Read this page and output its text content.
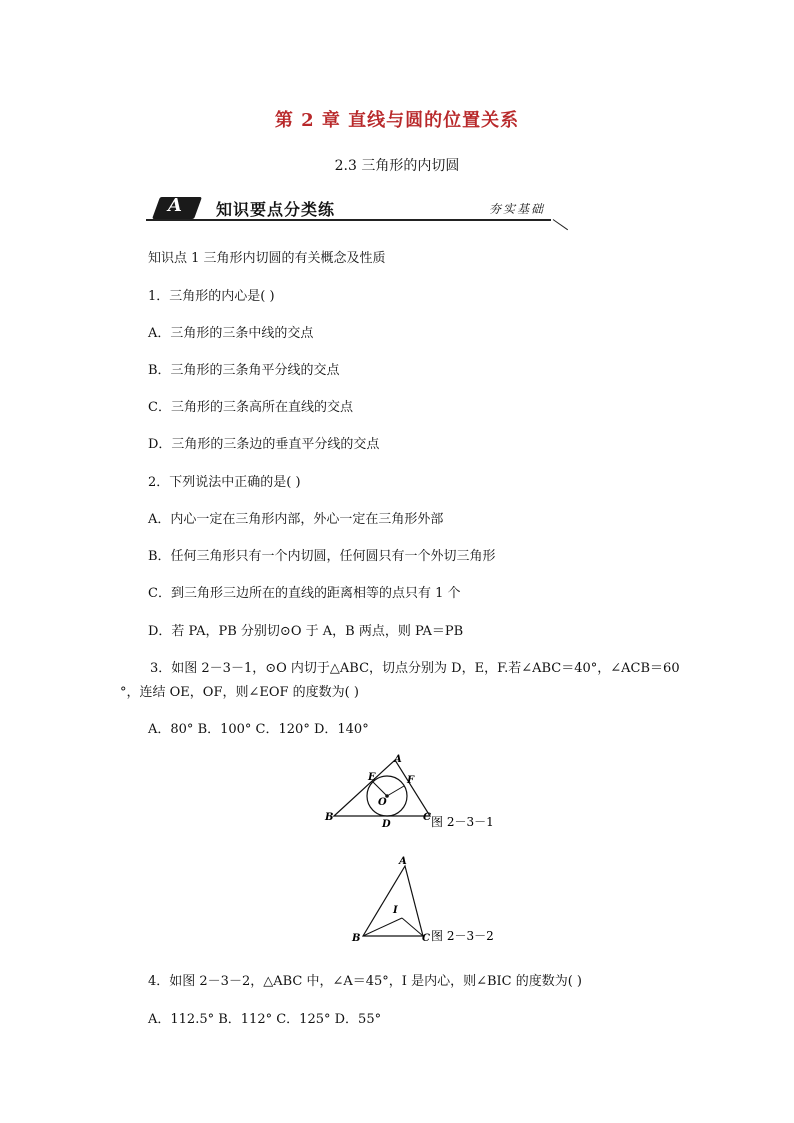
第 2 章 直线与圆的位置关系
2.3 三角形的内切圆
A 知识要点分类练	夯实基础
知识点 1 三角形内切圆的有关概念及性质
1．三角形的内心是( )
A．三角形的三条中线的交点
B．三角形的三条角平分线的交点
C．三角形的三条高所在直线的交点
D．三角形的三条边的垂直平分线的交点
2．下列说法中正确的是( )
A．内心一定在三角形内部，外心一定在三角形外部
B．任何三角形只有一个内切圆，任何圆只有一个外切三角形
C．到三角形三边所在的直线的距离相等的点只有 1 个
D．若 PA，PB 分别切⊙O 于 A，B 两点，则 PA＝PB
3．如图 2－3－1，⊙O 内切于△ABC，切点分别为 D，E，F.若∠ABC＝40°，∠ACB＝60
°，连结 OE，OF，则∠EOF 的度数为( )
A．80° B．100° C．120° D．140°
A
B	C
D
E	F
O
图 2－3－1
A
B	C
I
图 2－3－2
4．如图 2－3－2，△ABC 中，∠A＝45°，I 是内心，则∠BIC 的度数为( )
A．112.5° B．112° C．125° D．55°
